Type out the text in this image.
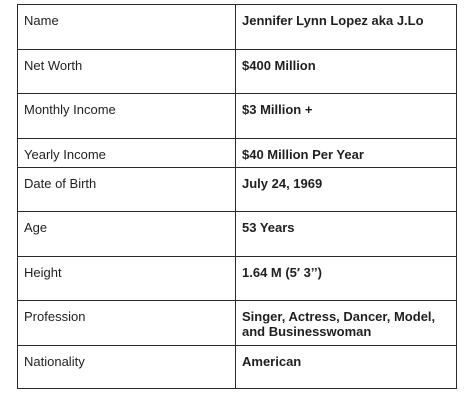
Name	Jennifer Lynn Lopez aka J.Lo
Net Worth	$400 Million
Monthly Income	$3 Million +
Yearly Income	$40 Million Per Year
Date of Birth	July 24, 1969
Age	53 Years
Height	1.64 M (5′ 3’’)
Profession	Singer, Actress, Dancer, Model, and Businesswoman
Nationality	American
